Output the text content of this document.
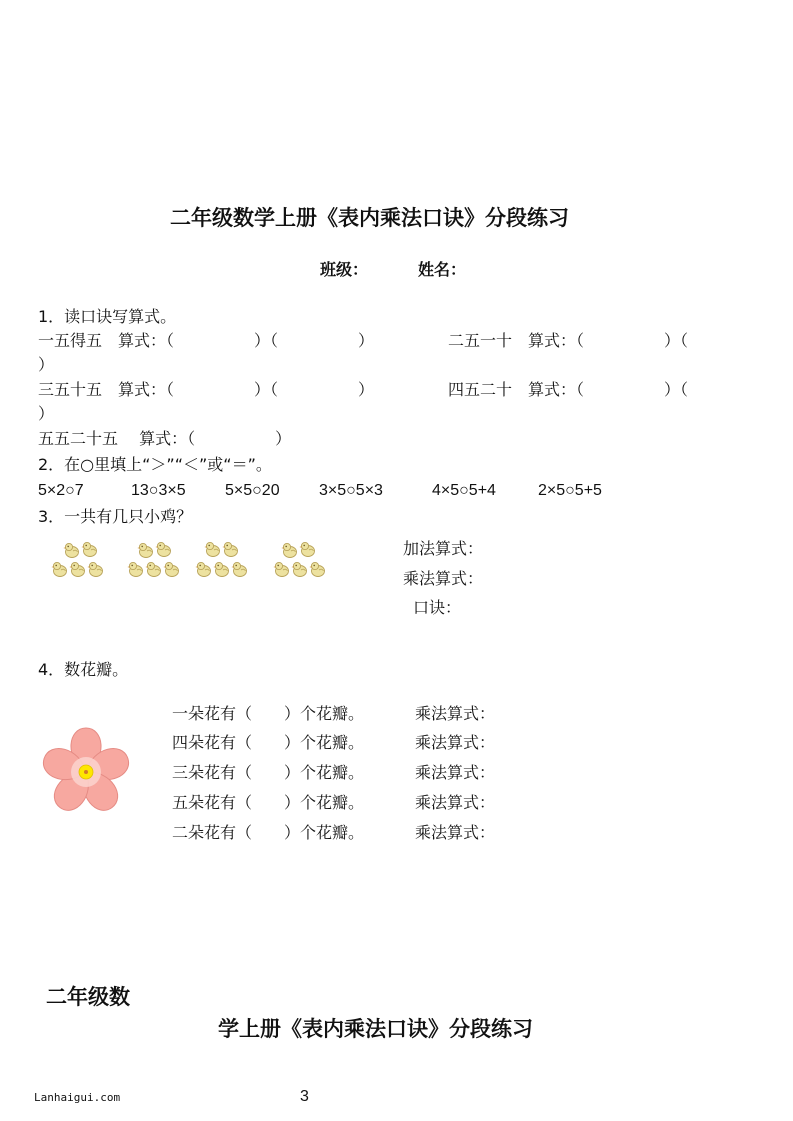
二年级数学上册《表内乘法口诀》分段练习
班级：	姓名：
1．读口诀写算式。
一五得五　算式：（　　　　　）（　　　　　）	二五一十　算式：（　　　　　）（
）
三五十五　算式：（　　　　　）（　　　　　）	四五二十　算式：（　　　　　）（
）
五五二十五　 算式：（　　　　　）
2．在○里填上“＞”“＜”或“＝”。
5×2○7	13○3×5 5×5○20 3×5○5×3	4×5○5+4	2×5○5+5
3．一共有几只小鸡？
加法算式：
乘法算式：
口诀：
4．数花瓣。
一朵花有（　　）个花瓣。	乘法算式：
四朵花有（　　）个花瓣。	乘法算式：
三朵花有（　　）个花瓣。	乘法算式：
五朵花有（　　）个花瓣。	乘法算式：
二朵花有（　　）个花瓣。	乘法算式：
二年级数
学上册《表内乘法口诀》分段练习
Lanhaigui.com	3
